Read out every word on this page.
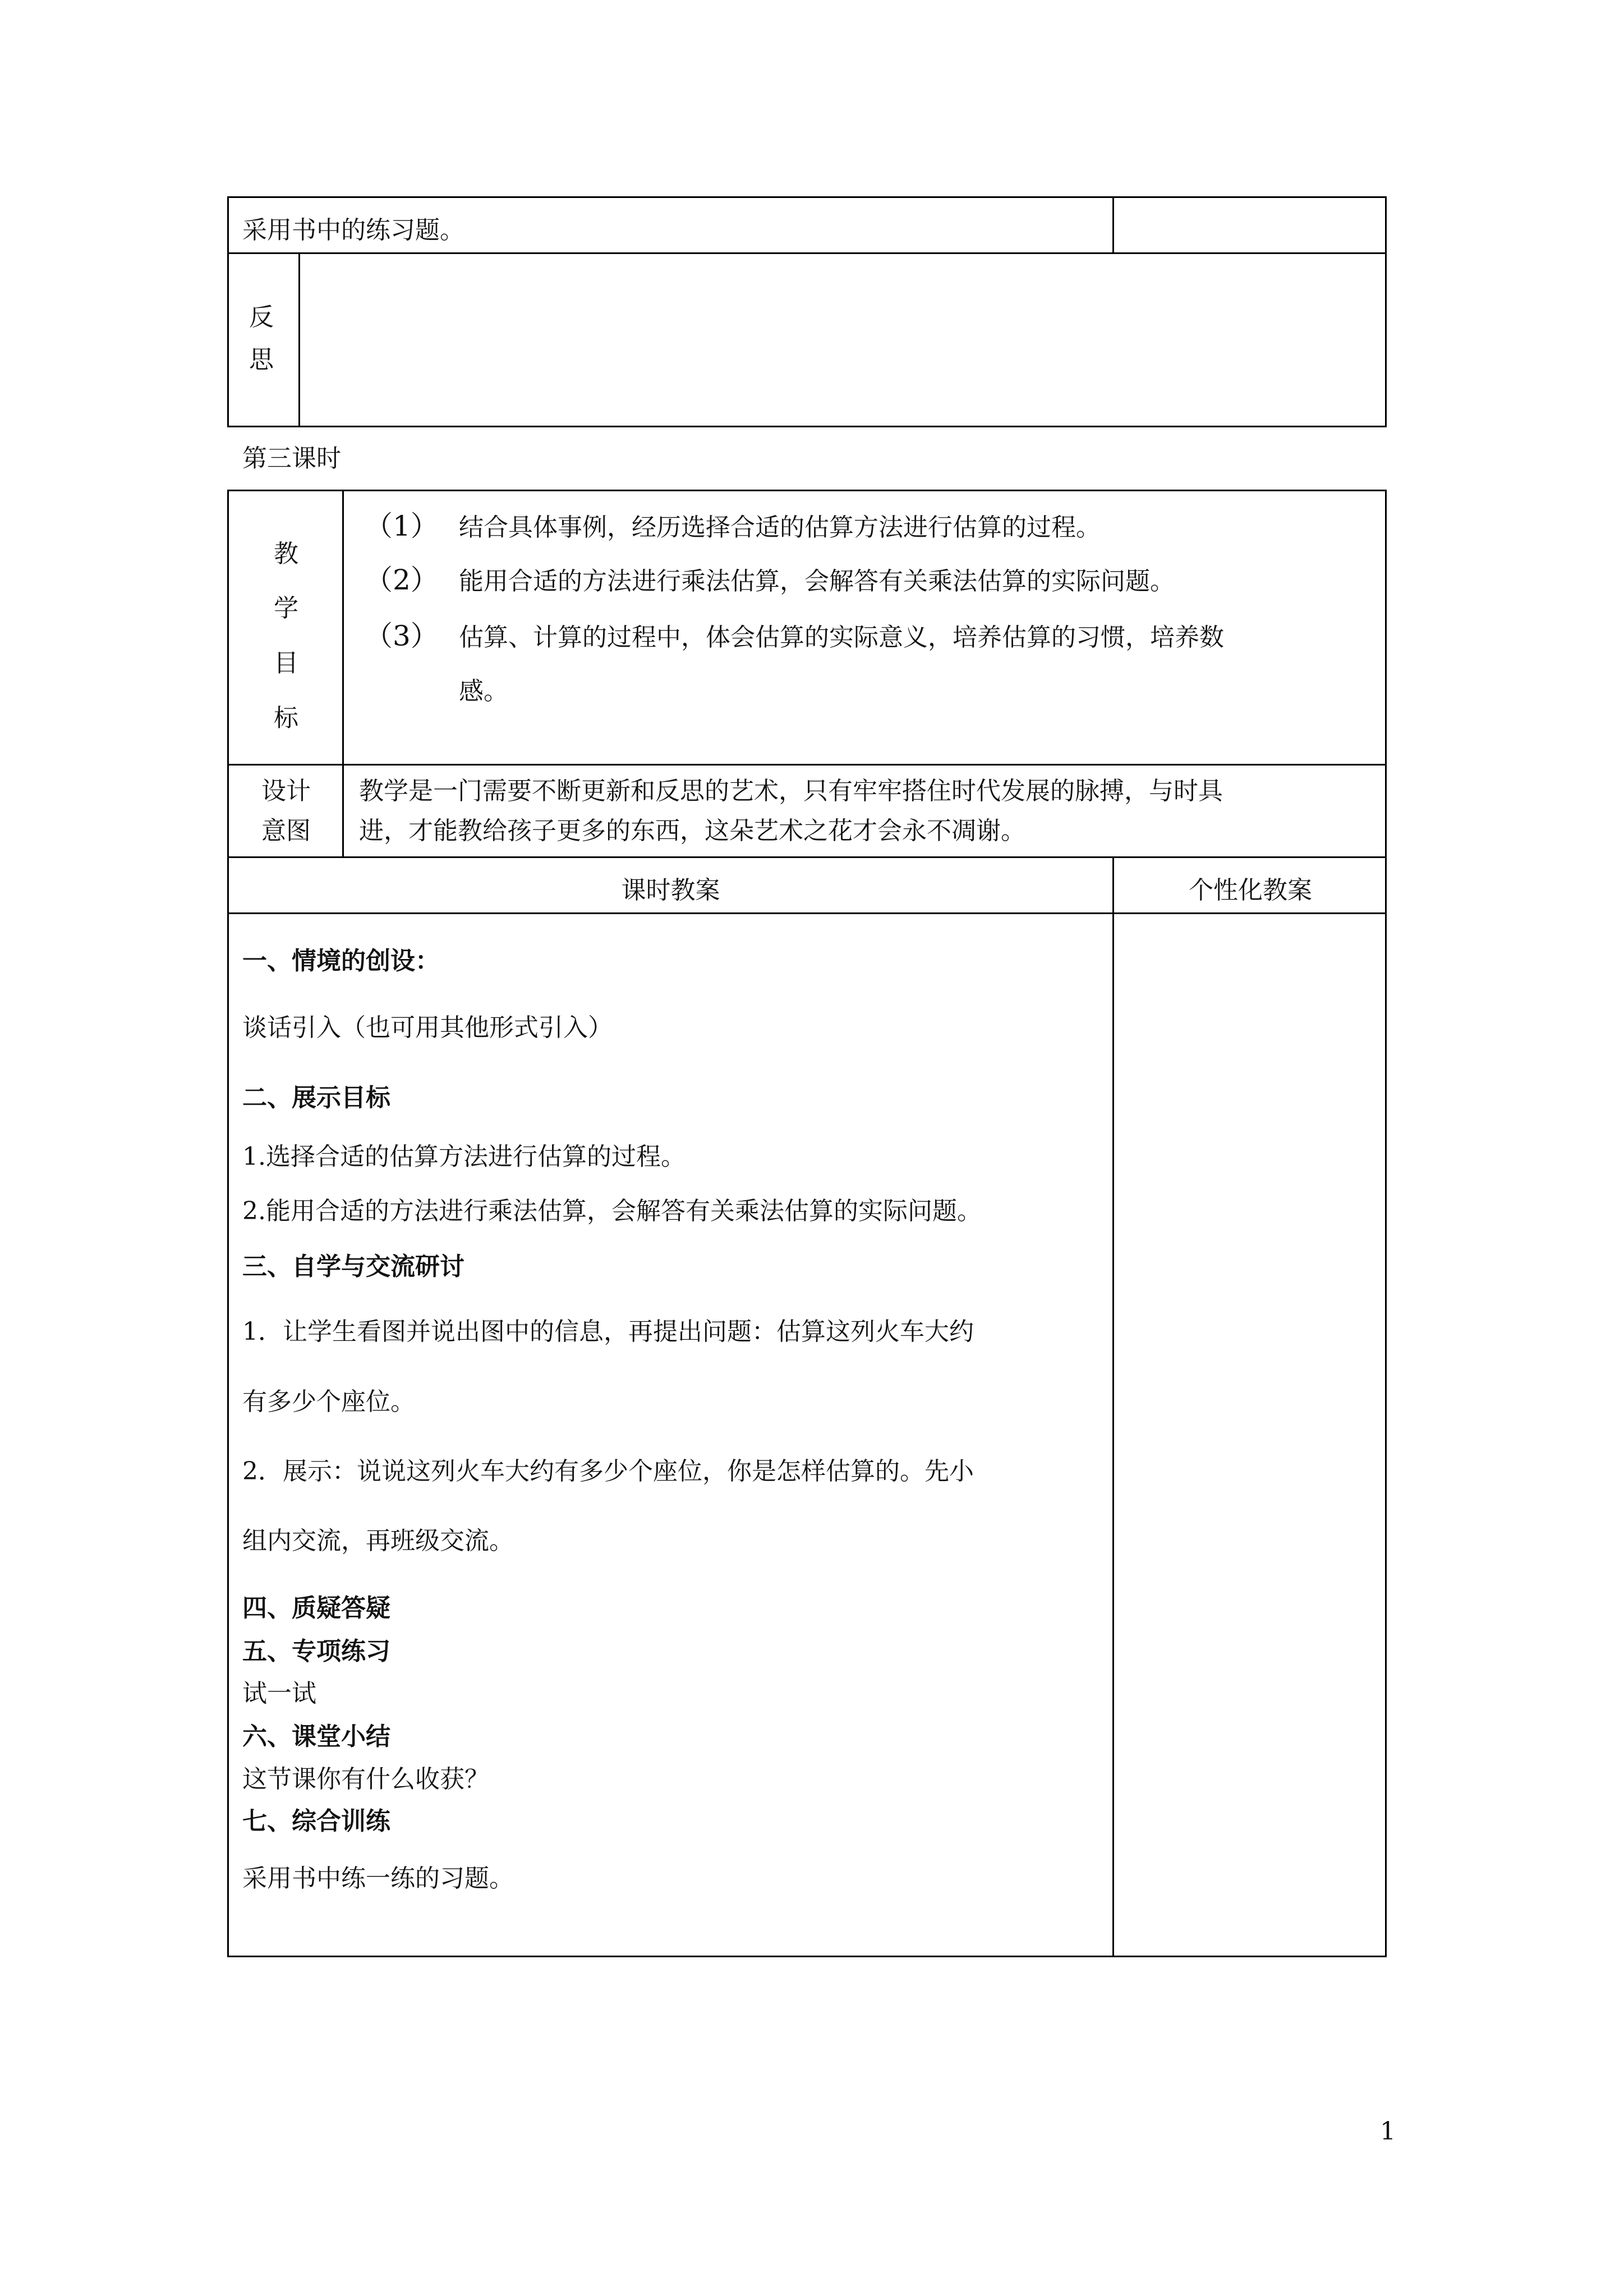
采用书中的练习题。
反
思
第三课时
教
学
目
标
（1） 结合具体事例，经历选择合适的估算方法进行估算的过程。
（2） 能用合适的方法进行乘法估算，会解答有关乘法估算的实际问题。
（3） 估算、计算的过程中，体会估算的实际意义，培养估算的习惯，培养数
感。
设计
意图
教学是一门需要不断更新和反思的艺术，只有牢牢搭住时代发展的脉搏，与时具
进，才能教给孩子更多的东西，这朵艺术之花才会永不凋谢。
课时教案	个性化教案
一、情境的创设：
谈话引入（也可用其他形式引入）
二、展示目标
1.选择合适的估算方法进行估算的过程。
2.能用合适的方法进行乘法估算，会解答有关乘法估算的实际问题。
三、自学与交流研讨
1．让学生看图并说出图中的信息，再提出问题：估算这列火车大约
有多少个座位。
2．展示：说说这列火车大约有多少个座位，你是怎样估算的。先小
组内交流，再班级交流。
四、质疑答疑
五、专项练习
试一试
六、课堂小结
这节课你有什么收获？
七、综合训练
采用书中练一练的习题。
1
